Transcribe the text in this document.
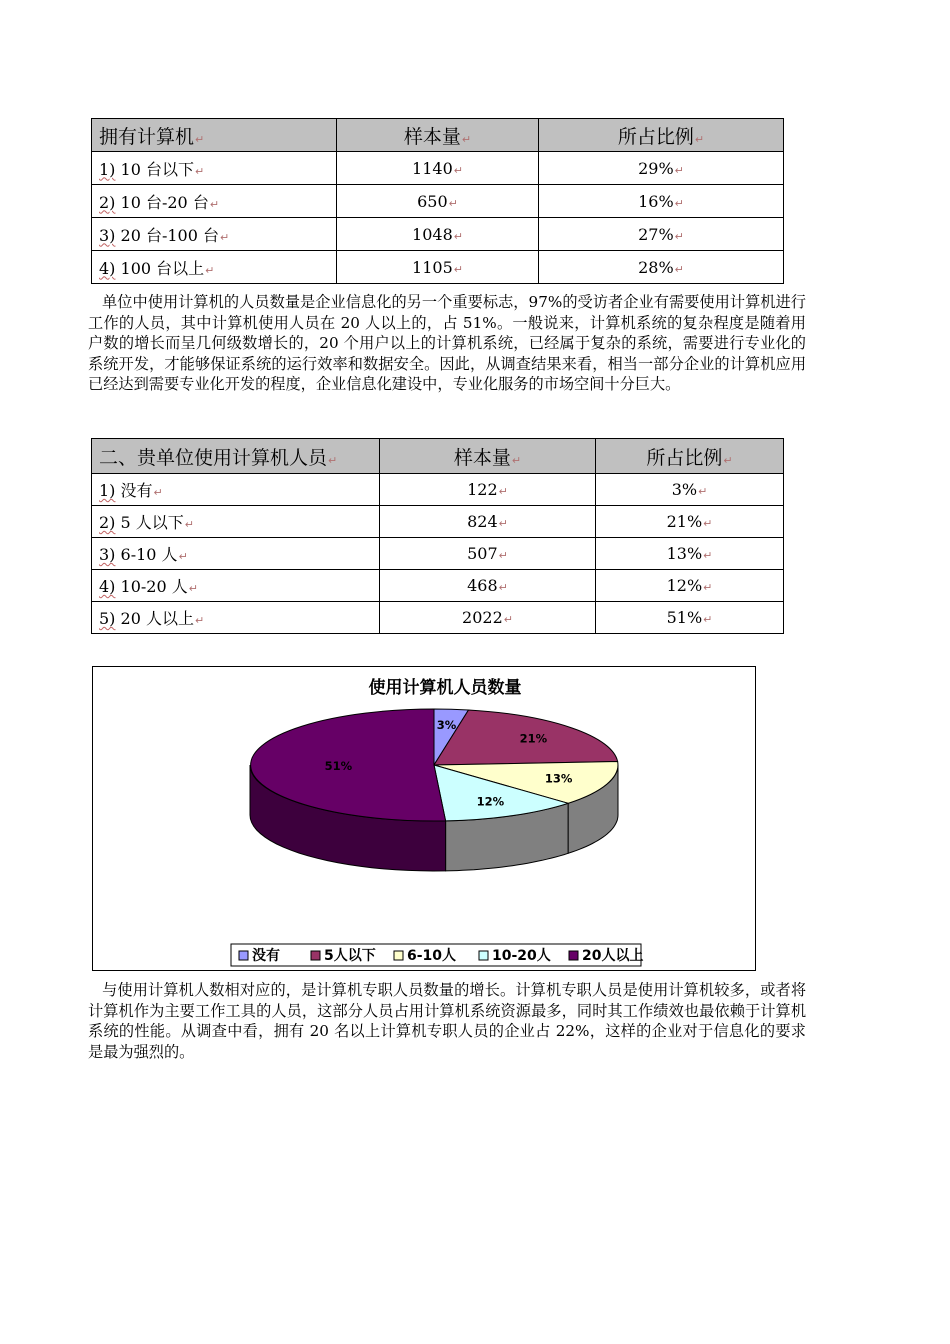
拥有计算机↵	样本量↵	所占比例↵
1) 10 台以下↵	1140↵	29%↵
2) 10 台-20 台↵	650↵	16%↵
3) 20 台-100 台↵	1048↵	27%↵
4) 100 台以上↵	1105↵	28%↵
单位中使用计算机的人员数量是企业信息化的另一个重要标志，97%的受访者企业有需要使用计算机进行工作的人员，其中计算机使用人员在 20 人以上的，占 51%。一般说来，计算机系统的复杂程度是随着用户数的增长而呈几何级数增长的，20 个用户以上的计算机系统，已经属于复杂的系统，需要进行专业化的系统开发，才能够保证系统的运行效率和数据安全。因此，从调查结果来看，相当一部分企业的计算机应用已经达到需要专业化开发的程度，企业信息化建设中，专业化服务的市场空间十分巨大。
二、贵单位使用计算机人员↵	样本量↵	所占比例↵
1) 没有↵	122↵	3%↵
2) 5 人以下↵	824↵	21%↵
3) 6-10 人↵	507↵	13%↵
4) 10-20 人↵	468↵	12%↵
5) 20 人以上↵	2022↵	51%↵
使用计算机人员数量
3%
21%
13%
12%
51%
没有	5人以下 6-10人	10-20人 20人以上
与使用计算机人数相对应的，是计算机专职人员数量的增长。计算机专职人员是使用计算机较多，或者将计算机作为主要工作工具的人员，这部分人员占用计算机系统资源最多，同时其工作绩效也最依赖于计算机系统的性能。从调查中看，拥有 20 名以上计算机专职人员的企业占 22%，这样的企业对于信息化的要求是最为强烈的。
